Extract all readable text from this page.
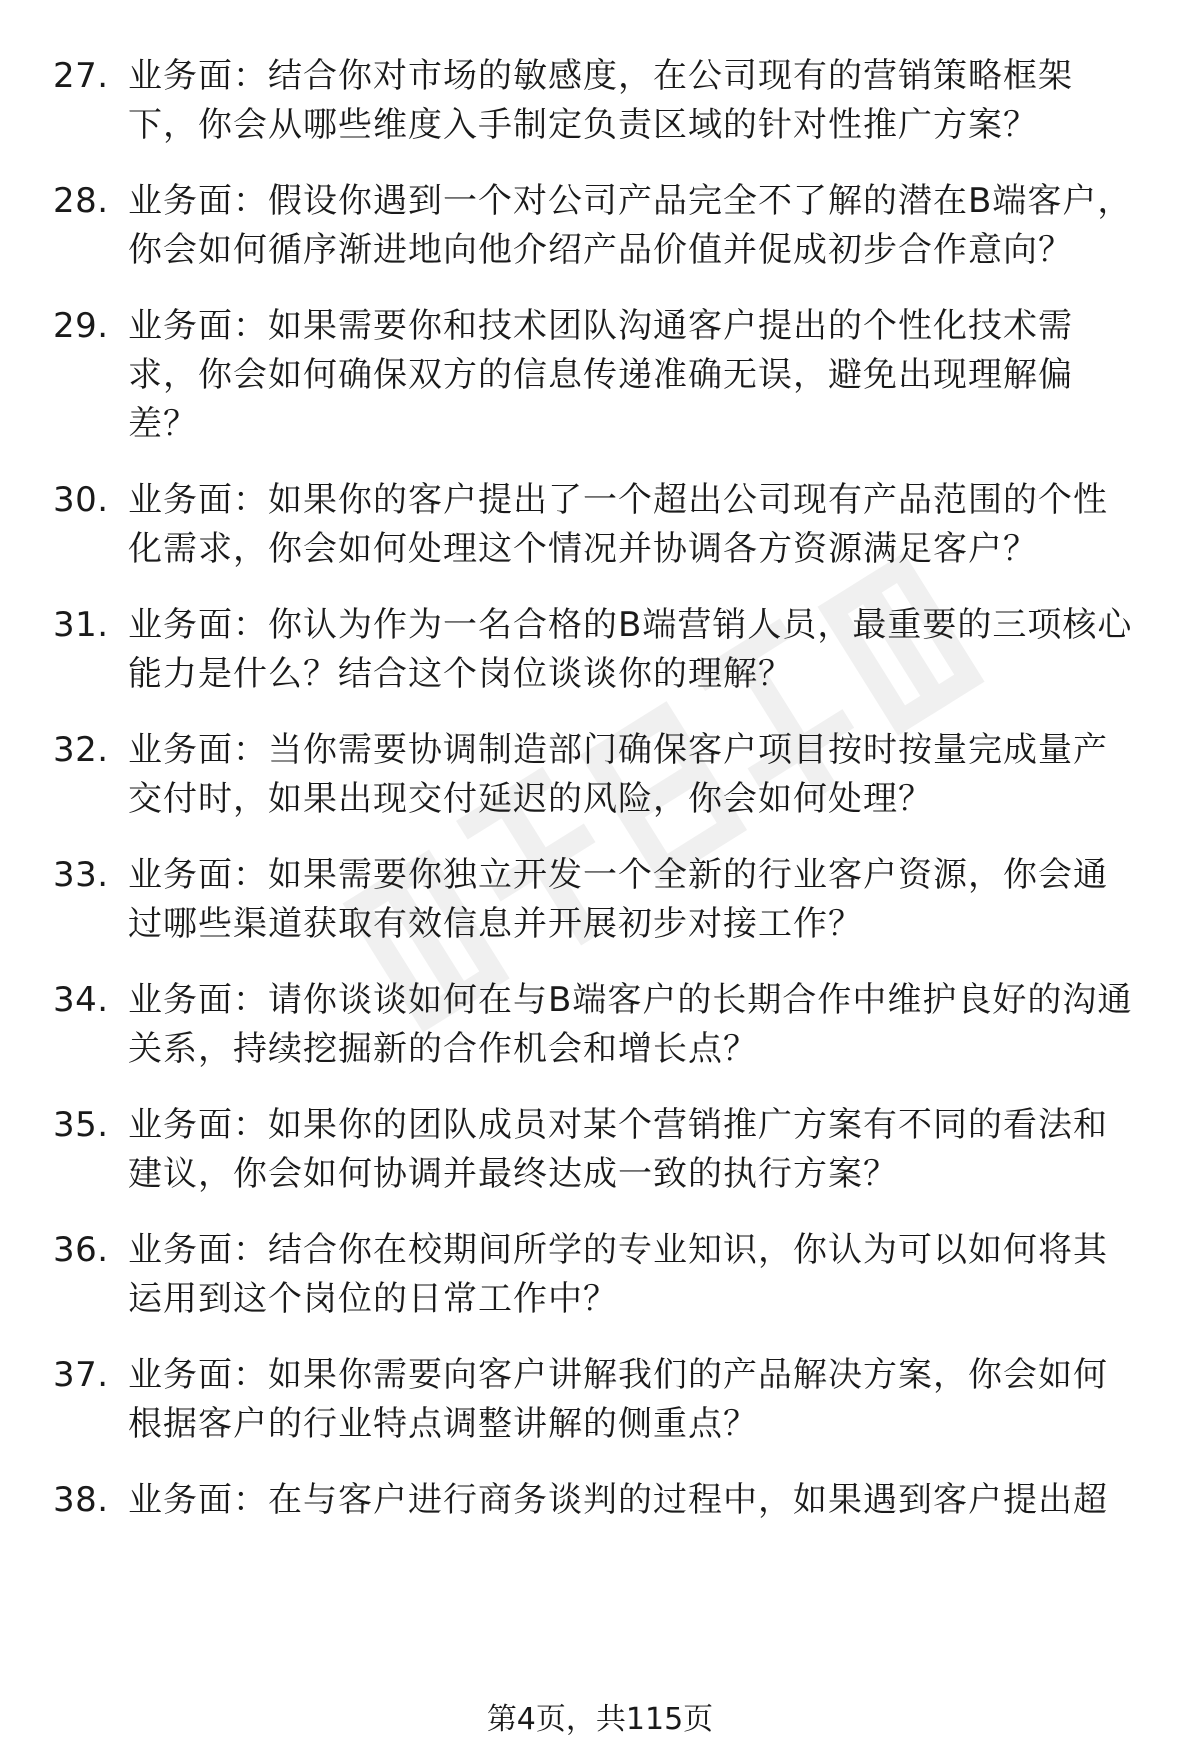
27. 业务面：结合你对市场的敏感度，在公司现有的营销策略框架下，你会从哪些维度入手制定负责区域的针对性推广方案？
28. 业务面：假设你遇到一个对公司产品完全不了解的潜在B端客户，你会如何循序渐进地向他介绍产品价值并促成初步合作意向？
29. 业务面：如果需要你和技术团队沟通客户提出的个性化技术需求，你会如何确保双方的信息传递准确无误，避免出现理解偏差？
30. 业务面：如果你的客户提出了一个超出公司现有产品范围的个性化需求，你会如何处理这个情况并协调各方资源满足客户？
31. 业务面：你认为作为一名合格的B端营销人员，最重要的三项核心能力是什么？结合这个岗位谈谈你的理解？
32. 业务面：当你需要协调制造部门确保客户项目按时按量完成量产交付时，如果出现交付延迟的风险，你会如何处理？
33. 业务面：如果需要你独立开发一个全新的行业客户资源，你会通过哪些渠道获取有效信息并开展初步对接工作？
34. 业务面：请你谈谈如何在与B端客户的长期合作中维护良好的沟通关系，持续挖掘新的合作机会和增长点？
35. 业务面：如果你的团队成员对某个营销推广方案有不同的看法和建议，你会如何协调并最终达成一致的执行方案？
36. 业务面：结合你在校期间所学的专业知识，你认为可以如何将其运用到这个岗位的日常工作中？
37. 业务面：如果你需要向客户讲解我们的产品解决方案，你会如何根据客户的行业特点调整讲解的侧重点？
38. 业务面：在与客户进行商务谈判的过程中，如果遇到客户提出超
第4页，共115页
